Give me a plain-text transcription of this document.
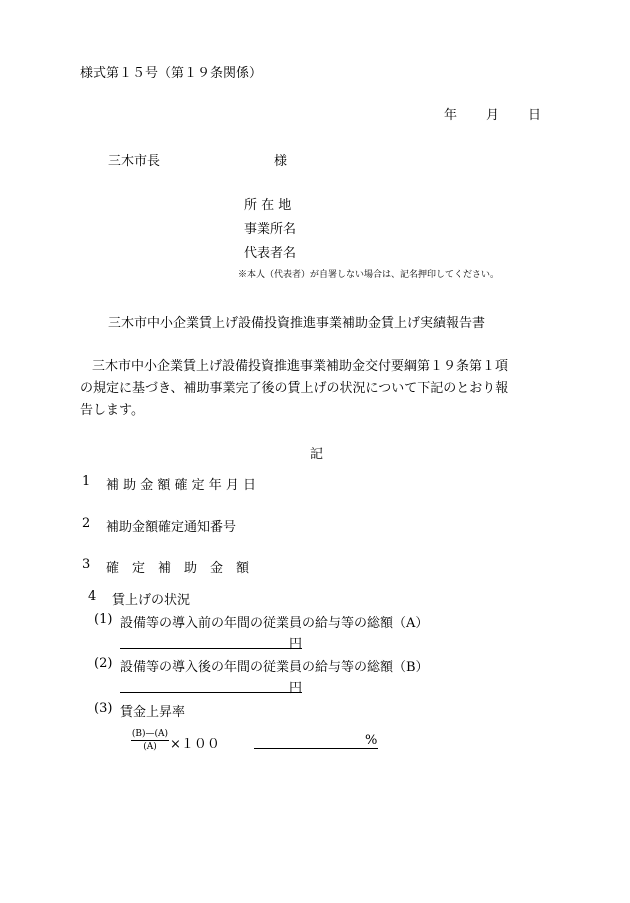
様式第１５号（第１９条関係）
年 月 日
三木市長	様
所 在 地
事業所名
代表者名
※本人（代表者）が自署しない場合は、記名押印してください。
三木市中小企業賃上げ設備投資推進事業補助金賃上げ実績報告書
三木市中小企業賃上げ設備投資推進事業補助金交付要綱第１９条第１項
の規定に基づき、補助事業完了後の賃上げの状況について下記のとおり報
告します。
記
1 補 助 金 額 確 定 年 月 日
2 補助金額確定通知番号
3 確　定　補　助　金　額
4 賃上げの状況
(1) 設備等の導入前の年間の従業員の給与等の総額（A）
円
(2) 設備等の導入後の年間の従業員の給与等の総額（B）
円
(3) 賃金上昇率
(B)—(A)
(A)	×１００	%
